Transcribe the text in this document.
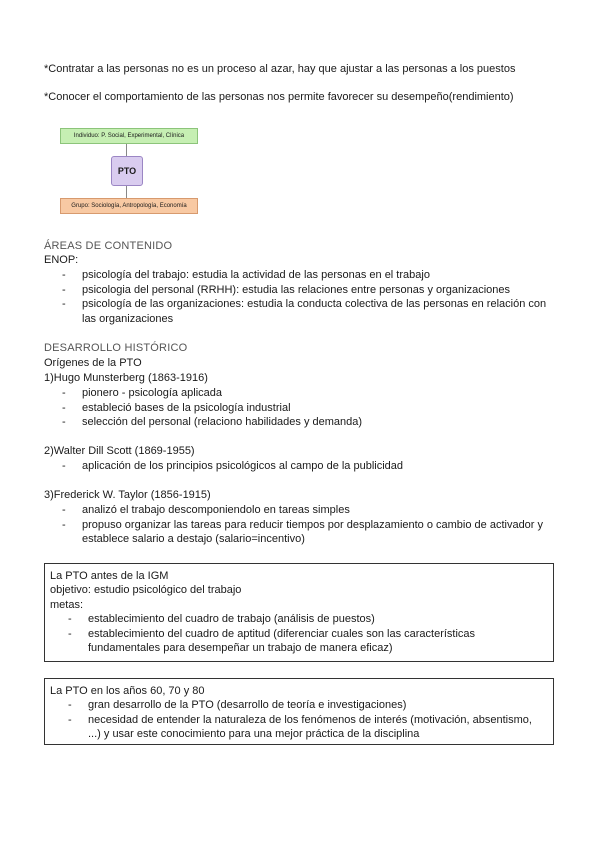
*Contratar a las personas no es un proceso al azar, hay que ajustar a las personas a los puestos
*Conocer el comportamiento de las personas nos permite favorecer su desempeño(rendimiento)
Individuo: P. Social, Experimental, Clínica
PTO
Grupo: Sociología, Antropología, Economía
ÁREAS DE CONTENIDO
ENOP:
- psicología del trabajo: estudia la actividad de las personas en el trabajo
- psicologia del personal (RRHH): estudia las relaciones entre personas y organizaciones
- psicología de las organizaciones: estudia la conducta colectiva de las personas en relación con las organizaciones
DESARROLLO HISTÓRICO
Orígenes de la PTO
1)Hugo Munsterberg (1863-1916)
- pionero - psicología aplicada
- estableció bases de la psicología industrial
- selección del personal (relaciono habilidades y demanda)
2)Walter Dill Scott (1869-1955)
- aplicación de los principios psicológicos al campo de la publicidad
3)Frederick W. Taylor (1856-1915)
- analizó el trabajo descomponiendolo en tareas simples
- propuso organizar las tareas para reducir tiempos por desplazamiento o cambio de activador y establece salario a destajo (salario=incentivo)
La PTO antes de la IGM
objetivo: estudio psicológico del trabajo
metas:
- establecimiento del cuadro de trabajo (análisis de puestos)
- establecimiento del cuadro de aptitud (diferenciar cuales son las características fundamentales para desempeñar un trabajo de manera eficaz)
La PTO en los años 60, 70 y 80
- gran desarrollo de la PTO (desarrollo de teoría e investigaciones)
- necesidad de entender la naturaleza de los fenómenos de interés (motivación, absentismo, ...) y usar este conocimiento para una mejor práctica de la disciplina
